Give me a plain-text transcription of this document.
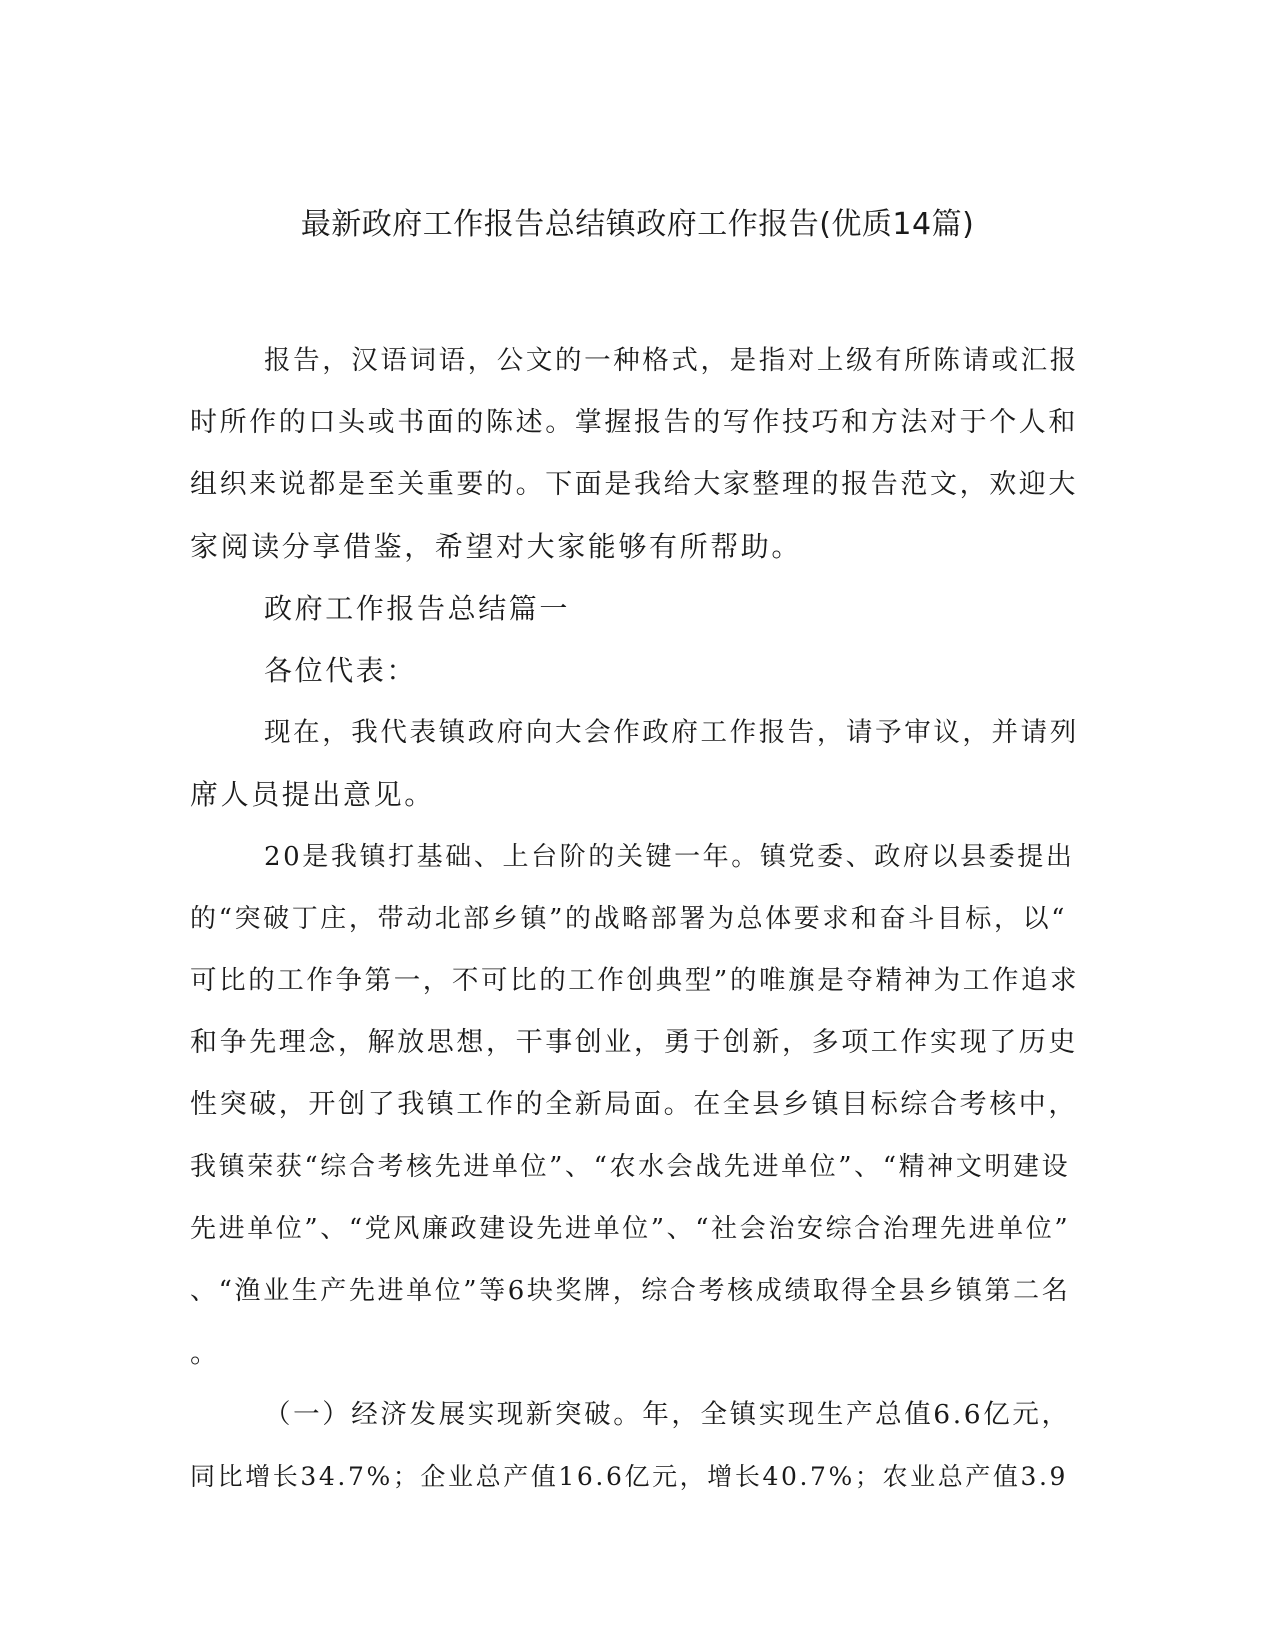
最新政府工作报告总结镇政府工作报告(优质14篇)
报告，汉语词语，公文的一种格式，是指对上级有所陈请或汇报
时所作的口头或书面的陈述。掌握报告的写作技巧和方法对于个人和
组织来说都是至关重要的。下面是我给大家整理的报告范文，欢迎大
家阅读分享借鉴，希望对大家能够有所帮助。
政府工作报告总结篇一
各位代表：
现在，我代表镇政府向大会作政府工作报告，请予审议，并请列
席人员提出意见。
20是我镇打基础、上台阶的关键一年。镇党委、政府以县委提出
的“突破丁庄，带动北部乡镇”的战略部署为总体要求和奋斗目标，以“
可比的工作争第一，不可比的工作创典型”的唯旗是夺精神为工作追求
和争先理念，解放思想，干事创业，勇于创新，多项工作实现了历史
性突破，开创了我镇工作的全新局面。在全县乡镇目标综合考核中，
我镇荣获“综合考核先进单位”、“农水会战先进单位”、“精神文明建设
先进单位”、“党风廉政建设先进单位”、“社会治安综合治理先进单位”
、“渔业生产先进单位”等6块奖牌，综合考核成绩取得全县乡镇第二名
。
（一）经济发展实现新突破。年，全镇实现生产总值6.6亿元，
同比增长34.7%；企业总产值16.6亿元，增长40.7%；农业总产值3.9
